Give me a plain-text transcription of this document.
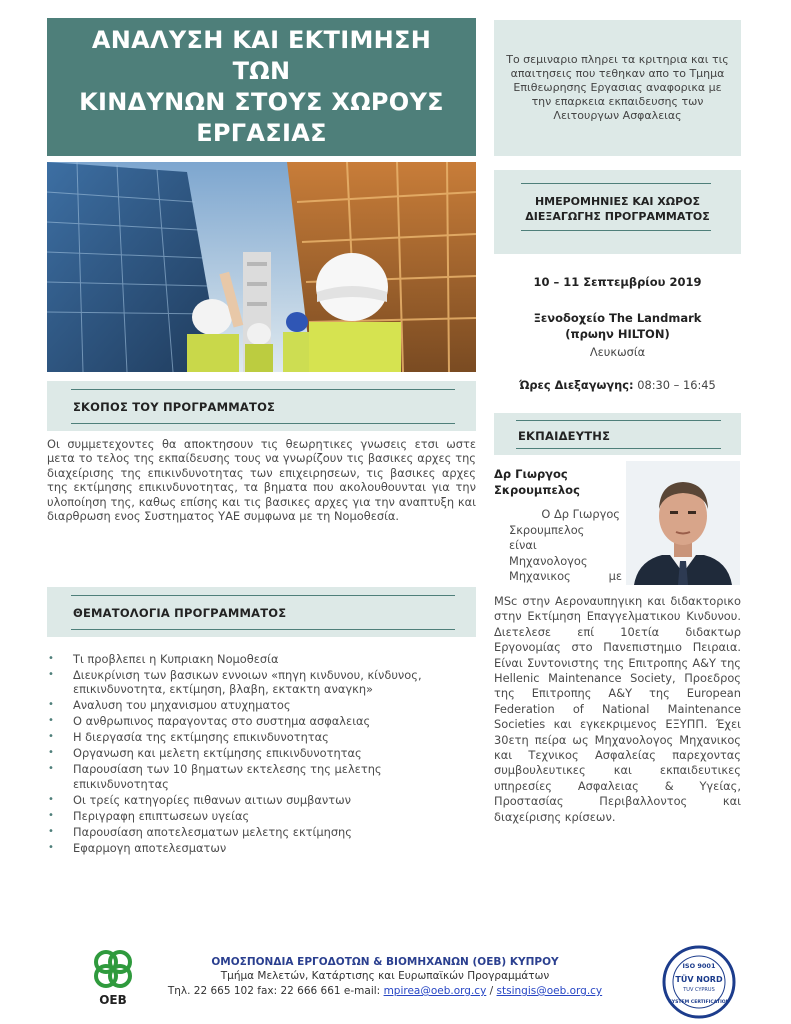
ΑΝΑΛΥΣΗ ΚΑΙ ΕΚΤΙΜΗΣΗ ΤΩΝ
ΚΙΝΔΥΝΩΝ ΣΤΟΥΣ ΧΩΡΟΥΣ
ΕΡΓΑΣΙΑΣ
Το σεμιναριο πληρει τα κριτηρια και τις απαιτησεις που τεθηκαν απο το Τμημα Επιθεωρησης Εργασιας αναφορικα με την επαρκεια εκπαιδευσης των Λειτουργων Ασφαλειας
ΗΜΕΡΟΜΗΝΙΕΣ ΚΑΙ ΧΩΡΟΣ
ΔΙΕΞΑΓΩΓΗΣ ΠΡΟΓΡΑΜΜΑΤΟΣ
10 – 11 Σεπτεμβρίου 2019
Ξενοδοχείο The Landmark
(πρωην HILTON)
Λευκωσία
Ώρες Διεξαγωγης: 08:30 – 16:45
ΣΚΟΠΟΣ ΤΟΥ ΠΡΟΓΡΑΜΜΑΤΟΣ
Οι συμμετεχοντες θα αποκτησουν τις θεωρητικες γνωσεις ετσι ωστε μετα το τελος της εκπαίδευσης τους να γνωρίζουν τις βασικες αρχες της διαχείρισης της επικινδυνοτητας των επιχειρησεων, τις βασικες αρχες της εκτίμησης επικινδυνοτητας, τα βηματα που ακολουθουνται για την υλοποίηση της, καθως επίσης και τις βασικες αρχες για την αναπτυξη και διαρθρωση ενος Συστηματος ΥΑΕ συμφωνα με τη Νομοθεσία.
ΘΕΜΑΤΟΛΟΓΙΑ ΠΡΟΓΡΑΜΜΑΤΟΣ
• Τι προβλεπει η Κυπριακη Νομοθεσία
• Διευκρίνιση των βασικων εννοιων «πηγη κινδυνου, κίνδυνος, επικινδυνοτητα, εκτίμηση, βλαβη, εκτακτη αναγκη»
• Αναλυση του μηχανισμου ατυχηματος
• Ο ανθρωπινος παραγοντας στο συστημα ασφαλειας
• Η διεργασία της εκτίμησης επικινδυνοτητας
• Οργανωση και μελετη εκτίμησης επικινδυνοτητας
• Παρουσίαση των 10 βηματων εκτελεσης της μελετης επικινδυνοτητας
• Οι τρείς κατηγορίες πιθανων αιτιων συμβαντων
• Περιγραφη επιπτωσεων υγείας
• Παρουσίαση αποτελεσματων μελετης εκτίμησης
• Εφαρμογη αποτελεσματων
ΕΚΠΑΙΔΕΥΤΗΣ
Δρ Γιωργος
Σκρουμπελος
Ο Δρ Γιωργος
Σκρουμπελος
είναι
Μηχανολογος
Μηχανικος με
MSc στην Αεροναυπηγικη και διδακτορικο στην Εκτίμηση Επαγγελματικου Κινδυνου. Διετελεσε επί 10ετία διδακτωρ Εργονομίας στο Πανεπιστημιο Πειραια. Είναι Συντονιστης της Επιτροπης Α&Υ της Hellenic Maintenance Society, Προεδρος της Επιτροπης Α&Υ της European Federation of National Maintenance Societies και εγκεκριμενος ΕΞΥΠΠ. Έχει 30ετη πείρα ως Μηχανολογος Μηχανικος και Τεχνικος Ασφαλείας παρεχοντας συμβουλευτικες και εκπαιδευτικες υπηρεσίες Ασφαλειας & Υγείας, Προστασίας Περιβαλλοντος και διαχείρισης κρίσεων.
OEB
ΟΜΟΣΠΟΝΔΙΑ ΕΡΓΟΔΟΤΩΝ & ΒΙΟΜΗΧΑΝΩΝ (ΟΕΒ) ΚΥΠΡΟΥ
Τμήμα Μελετών, Κατάρτισης και Ευρωπαϊκών Προγραμμάτων
Τηλ. 22 665 102 fax: 22 666 661 e-mail: mpirea@oeb.org.cy / stsingis@oeb.org.cy
ISO 9001
TÜV NORD
TUV CYPRUS
SYSTEM CERTIFICATION
